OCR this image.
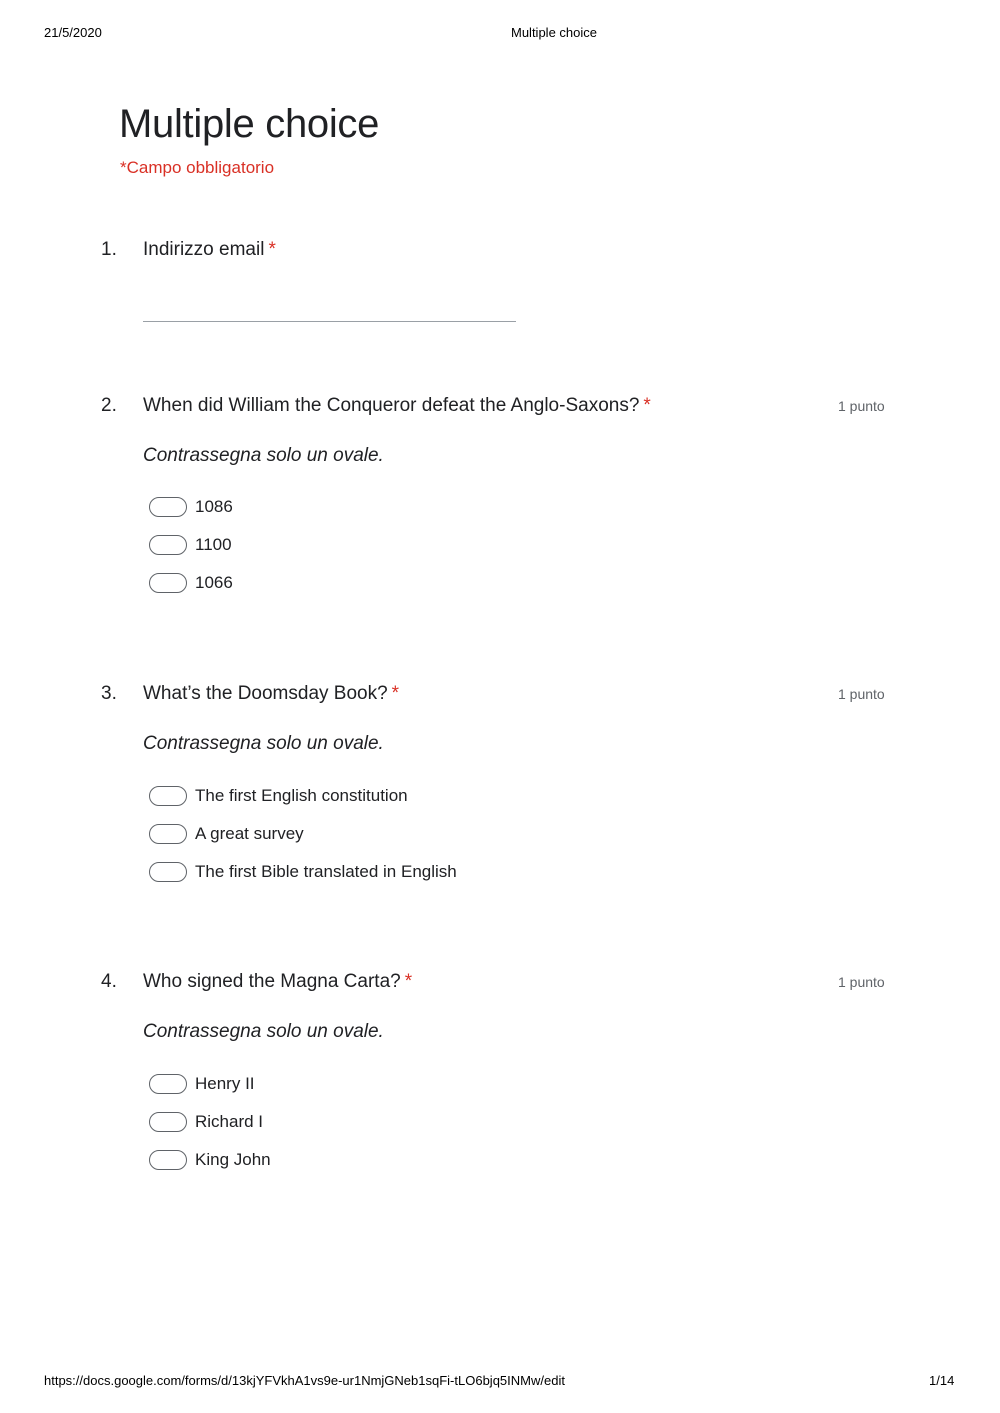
21/5/2020	Multiple choice
Multiple choice
*Campo obbligatorio
1. Indirizzo email *
2. When did William the Conqueror defeat the Anglo-Saxons? *	1 punto
Contrassegna solo un ovale.
1086
1100
1066
3. What’s the Doomsday Book? *	1 punto
Contrassegna solo un ovale.
The first English constitution
A great survey
The first Bible translated in English
4. Who signed the Magna Carta? *	1 punto
Contrassegna solo un ovale.
Henry II
Richard I
King John
https://docs.google.com/forms/d/13kjYFVkhA1vs9e-ur1NmjGNeb1sqFi-tLO6bjq5INMw/edit	1/14
